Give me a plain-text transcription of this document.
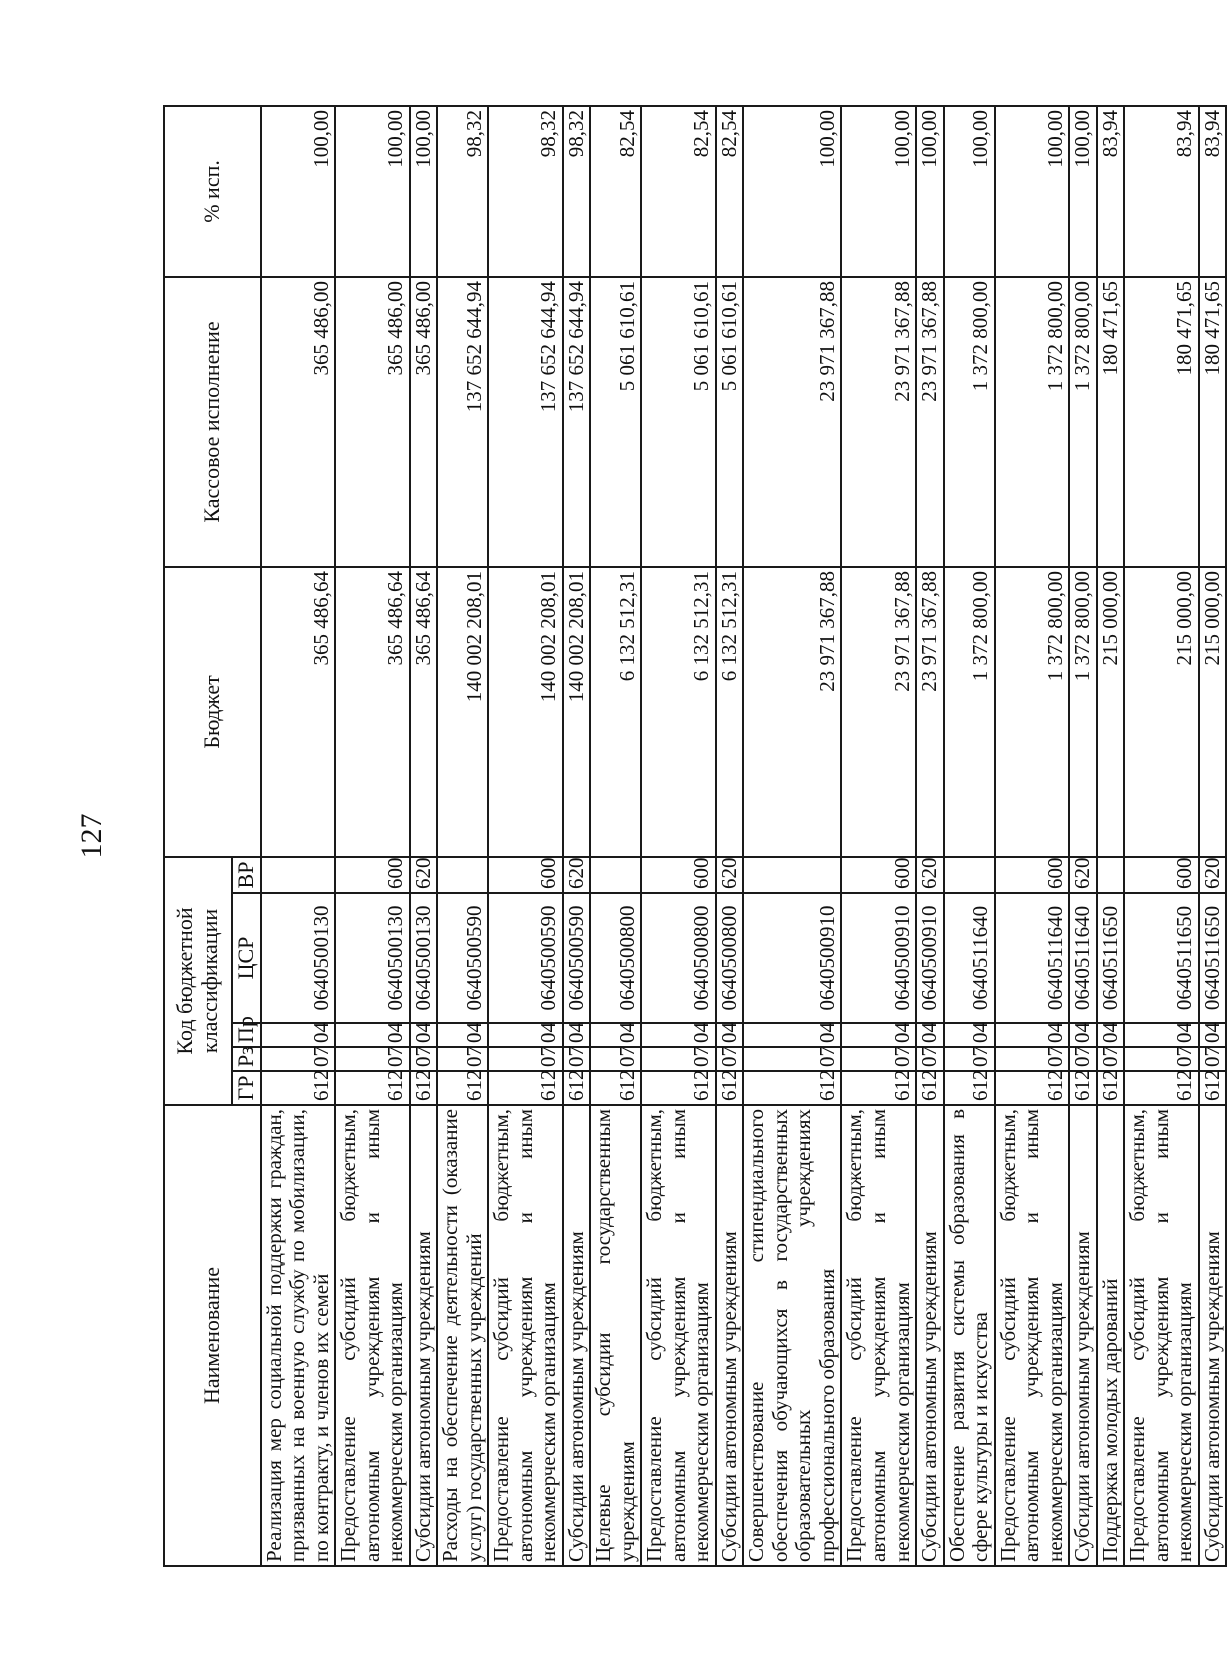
127
Наименование	Код бюджетной классификации					Бюджет	Кассовое исполнение	% исп.
	ГР	Рз	Пр	ЦСР	ВР			
Реализация мер социальной поддержки граждан, призванных на военную службу по мобилизации, по контракту, и членов их семей	612	07	04	0640500130		365 486,64	365 486,00	100,00
Предоставление субсидий бюджетным, автономным учреждениям и иным некоммерческим организациям	612	07	04	0640500130	600	365 486,64	365 486,00	100,00
Субсидии автономным учреждениям	612	07	04	0640500130	620	365 486,64	365 486,00	100,00
Расходы на обеспечение деятельности (оказание услуг) государственных учреждений	612	07	04	0640500590		140 002 208,01	137 652 644,94	98,32
Предоставление субсидий бюджетным, автономным учреждениям и иным некоммерческим организациям	612	07	04	0640500590	600	140 002 208,01	137 652 644,94	98,32
Субсидии автономным учреждениям	612	07	04	0640500590	620	140 002 208,01	137 652 644,94	98,32
Целевые субсидии государственным учреждениям	612	07	04	0640500800		6 132 512,31	5 061 610,61	82,54
Предоставление субсидий бюджетным, автономным учреждениям и иным некоммерческим организациям	612	07	04	0640500800	600	6 132 512,31	5 061 610,61	82,54
Субсидии автономным учреждениям	612	07	04	0640500800	620	6 132 512,31	5 061 610,61	82,54
Совершенствование стипендиального обеспечения обучающихся в государственных образовательных учреждениях профессионального образования	612	07	04	0640500910		23 971 367,88	23 971 367,88	100,00
Предоставление субсидий бюджетным, автономным учреждениям и иным некоммерческим организациям	612	07	04	0640500910	600	23 971 367,88	23 971 367,88	100,00
Субсидии автономным учреждениям	612	07	04	0640500910	620	23 971 367,88	23 971 367,88	100,00
Обеспечение развития системы образования в сфере культуры и искусства	612	07	04	0640511640		1 372 800,00	1 372 800,00	100,00
Предоставление субсидий бюджетным, автономным учреждениям и иным некоммерческим организациям	612	07	04	0640511640	600	1 372 800,00	1 372 800,00	100,00
Субсидии автономным учреждениям	612	07	04	0640511640	620	1 372 800,00	1 372 800,00	100,00
Поддержка молодых дарований	612	07	04	0640511650		215 000,00	180 471,65	83,94
Предоставление субсидий бюджетным, автономным учреждениям и иным некоммерческим организациям	612	07	04	0640511650	600	215 000,00	180 471,65	83,94
Субсидии автономным учреждениям	612	07	04	0640511650	620	215 000,00	180 471,65	83,94
